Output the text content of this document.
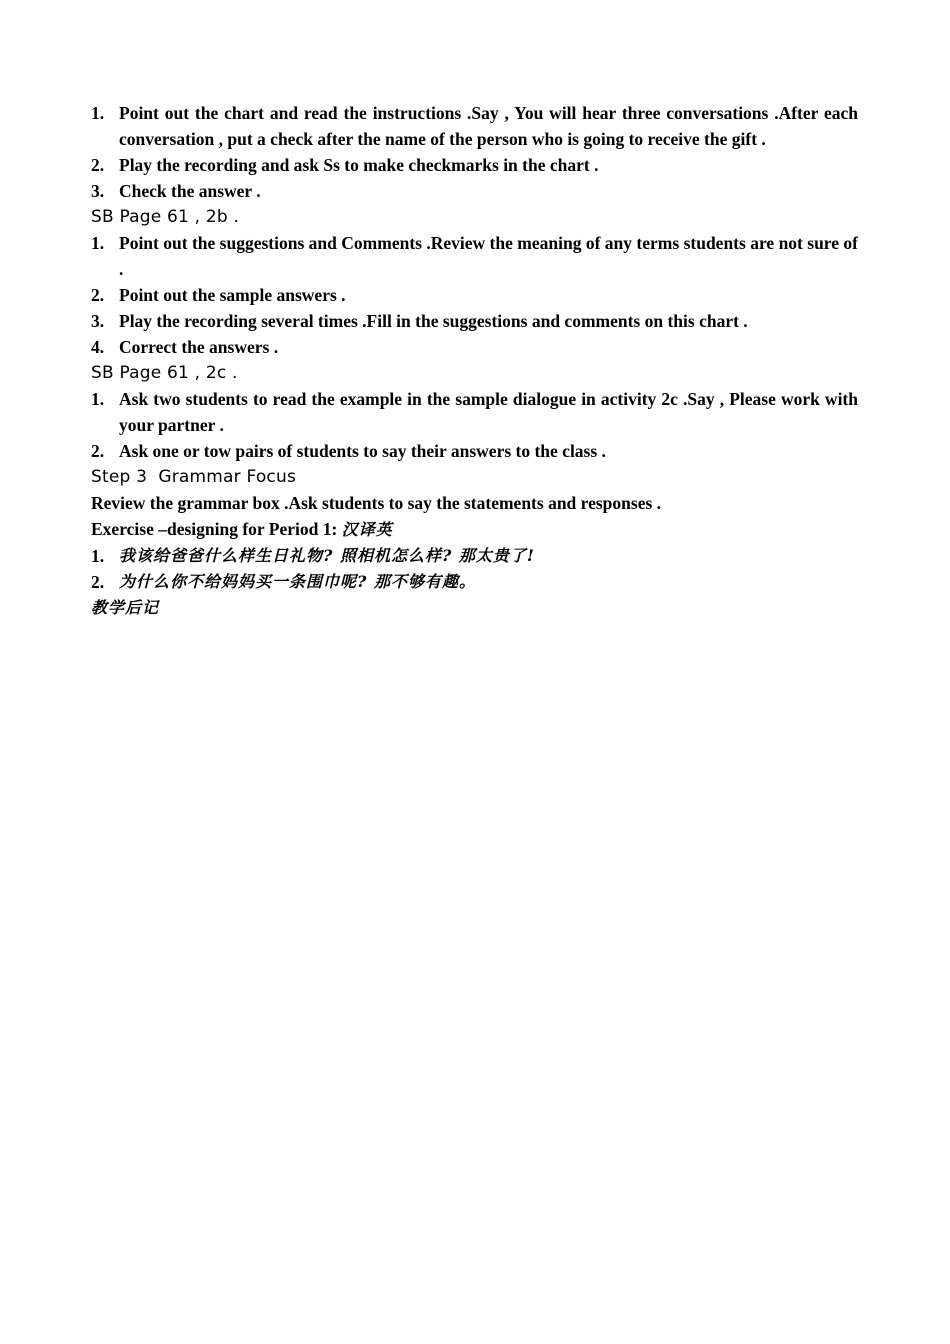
1. Point out the chart and read the instructions .Say , You will hear three conversations .After each conversation , put a check after the name of the person who is going to receive the gift .
2. Play the recording and ask Ss to make checkmarks in the chart .
3. Check the answer .
SB Page 61 , 2b .
1. Point out the suggestions and Comments .Review the meaning of any terms students are not sure of .
2. Point out the sample answers .
3. Play the recording several times .Fill in the suggestions and comments on this chart .
4. Correct the answers .
SB Page 61 , 2c .
1. Ask two students to read the example in the sample dialogue in activity 2c .Say , Please work with your partner .
2. Ask one or tow pairs of students to say their answers to the class .
Step 3  Grammar Focus
Review the grammar box .Ask students to say the statements and responses .
Exercise –designing for Period 1: 汉译英
1. 我该给爸爸什么样生日礼物? 照相机怎么样? 那太贵了!
2. 为什么你不给妈妈买一条围巾呢? 那不够有趣。
教学后记
